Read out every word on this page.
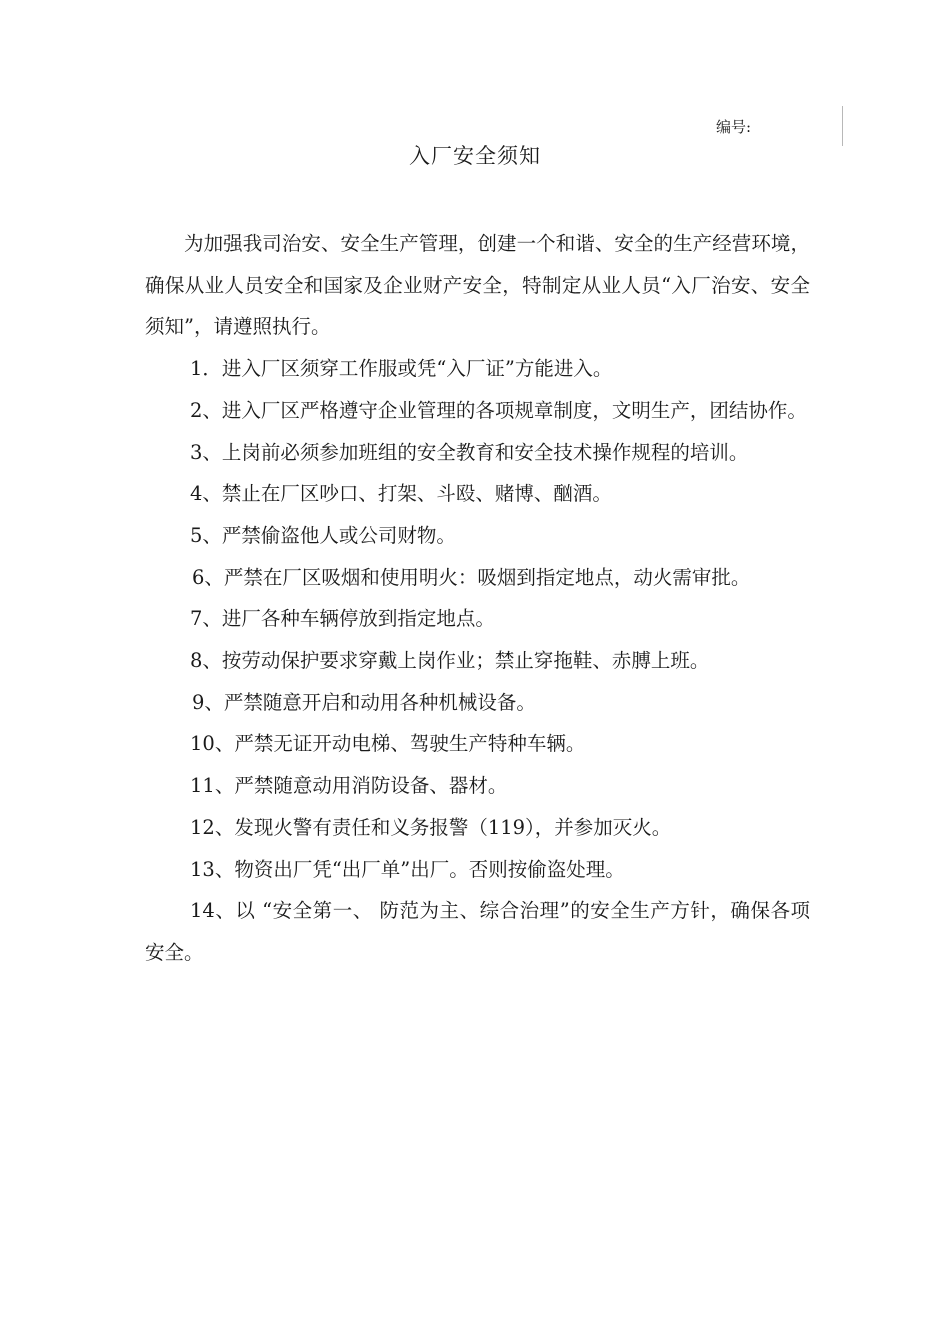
编号:
入厂安全须知

为加强我司治安、安全生产管理，创建一个和谐、安全的生产经营环境，确保从业人员安全和国家及企业财产安全，特制定从业人员“入厂治安、安全须知”，请遵照执行。

1．进入厂区须穿工作服或凭“入厂证”方能进入。

2、进入厂区严格遵守企业管理的各项规章制度，文明生产，团结协作。

3、上岗前必须参加班组的安全教育和安全技术操作规程的培训。

4、禁止在厂区吵口、打架、斗殴、赌博、酗酒。

5、严禁偷盗他人或公司财物。

6、严禁在厂区吸烟和使用明火：吸烟到指定地点，动火需审批。

7、进厂各种车辆停放到指定地点。

8、按劳动保护要求穿戴上岗作业；禁止穿拖鞋、赤膊上班。

9、严禁随意开启和动用各种机械设备。

10、严禁无证开动电梯、驾驶生产特种车辆。

11、严禁随意动用消防设备、器材。

12、发现火警有责任和义务报警（119），并参加灭火。

13、物资出厂凭“出厂单”出厂。否则按偷盗处理。

14、以 “安全第一、 防范为主、综合治理”的安全生产方针，确保各项安全。
